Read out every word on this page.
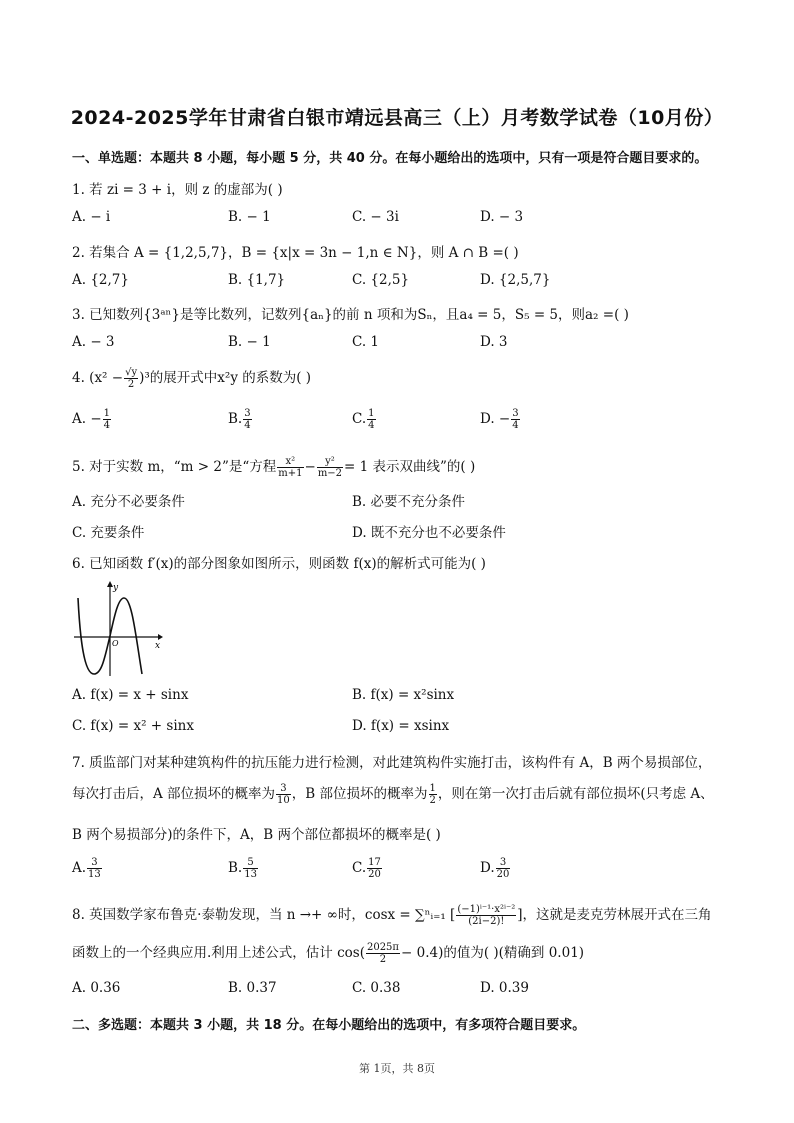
2024-2025学年甘肃省白银市靖远县高三（上）月考数学试卷（10月份）
一、单选题：本题共 8 小题，每小题 5 分，共 40 分。在每小题给出的选项中，只有一项是符合题目要求的。
1. 若 zi = 3 + i，则 z 的虚部为( )
A. − i	B. − 1	C. − 3i	D. − 3
2. 若集合 A = {1,2,5,7}，B = {x|x = 3n − 1,n ∈ N}，则 A ∩ B =( )
A. {2,7}	B. {1,7}	C. {2,5}	D. {2,5,7}
3. 已知数列{3ᵃⁿ}是等比数列，记数列{aₙ}的前 n 项和为Sₙ，且a₄ = 5，S₅ = 5，则a₂ =( )
A. − 3	B. − 1	C. 1	D. 3
4. $(x^2 - \frac{√y}{2} )^3$的展开式中x²y 的系数为( )
A. − $\frac{1}{4}$	B. $\frac{3}{4}$	C. $\frac{1}{4}$	D. − $\frac{3}{4}$
5. 对于实数 m，“m > 2”是“方程 $\frac{\text{x²}}{m+1} - \frac{\text{y²}}{m-2} = 1$ 表示双曲线”的( )
A. 充分不必要条件	B. 必要不充分条件
C. 充要条件	D. 既不充分也不必要条件
6. 已知函数 f′(x)的部分图象如图所示，则函数 f(x)的解析式可能为( )
y
x
O
A. f(x) = x + sinx	B. f(x) = x²sinx
C. f(x) = x² + sinx	D. f(x) = xsinx
7. 质监部门对某种建筑构件的抗压能力进行检测，对此建筑构件实施打击，该构件有 A，B 两个易损部位，
每次打击后，A 部位损坏的概率为 $\frac{3}{10}$ ，B 部位损坏的概率为 $\frac{1}{2}$ ，则在第一次打击后就有部位损坏(只考虑 A、
B 两个易损部分)的条件下，A，B 两个部位都损坏的概率是( )
A. $\frac{3}{13}$	B. $\frac{5}{13}$	C. $\frac{17}{20}$	D. $\frac{3}{20}$
8. 英国数学家布鲁克·泰勒发现，当 n →+ ∞时，cosx = ∑ⁿᵢ₌₁ [ $\frac{\text{(−1)ⁱ⁻¹·x²ⁱ⁻²}}{(2i-2)!}$ ]，这就是麦克劳林展开式在三角
函数上的一个经典应用.利用上述公式，估计 $\cos( \frac{2025\pi}{2} - 0.4)$的值为( )(精确到 0.01)
A. 0.36	B. 0.37	C. 0.38	D. 0.39
二、多选题：本题共 3 小题，共 18 分。在每小题给出的选项中，有多项符合题目要求。
第 1页，共 8页
